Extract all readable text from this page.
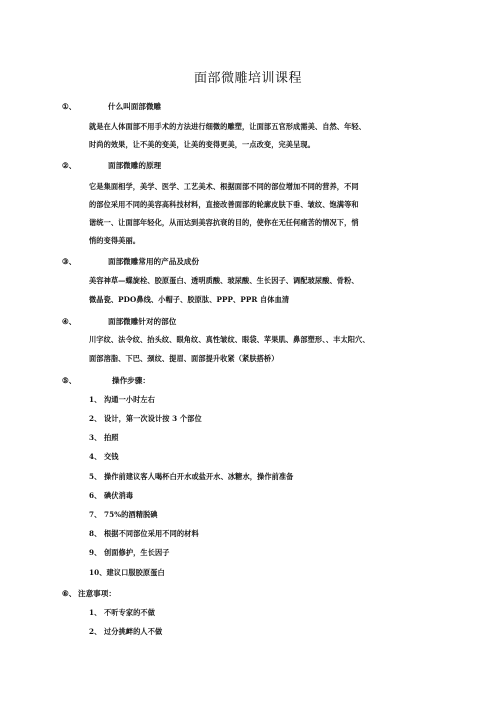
面部微雕培训课程
①、	什么叫面部微雕
就是在人体面部不用手术的方法进行细微的雕塑，让面部五官形成需美、自然、年轻、
时尚的效果，让不美的变美，让美的变得更美，一点改变，完美呈现。
②、	面部微雕的原理
它是集面相学，美学、医学、工艺美术、根据面部不同的部位增加不同的营养，不同
的部位采用不同的美容高科技材料，直接改善面部的轮廓皮肤下垂、皱纹、饱满等和
谐统一、让面部年轻化，从而达到美容抗衰的目的，使你在无任何痛苦的情况下，悄
悄的变得美丽。
③、	面部微雕常用的产品及成份
美容神草—蝶旋栓、胶原蛋白、透明质酸、玻尿酸、生长因子、调配玻尿酸、骨粉、
微晶瓷、PDO鼻线、小帽子、胶原肽、PPP、PPR 自体血清
④、	面部微雕针对的部位
川字纹、法令纹、抬头纹、眼角纹、真性皱纹、眼袋、苹果肌、鼻部塑形、、丰太阳穴、
面部溶脂、下巴、颈纹、提眉、面部提升收紧（紧肤搭桥）
⑤、	操作步骤：
1、 沟通一小时左右
2、 设计，第一次设计按 3 个部位
3、 拍照
4、 交钱
5、 操作前建议客人喝杯白开水或盐开水、冰糖水，操作前准备
6、 碘伏消毒
7、 75%的酒精脱碘
8、 根据不同部位采用不同的材料
9、 创面修护，生长因子
10、建议口服胶原蛋白
⑥、 注意事项：
1、 不听专家的不做
2、 过分挑衅的人不做
